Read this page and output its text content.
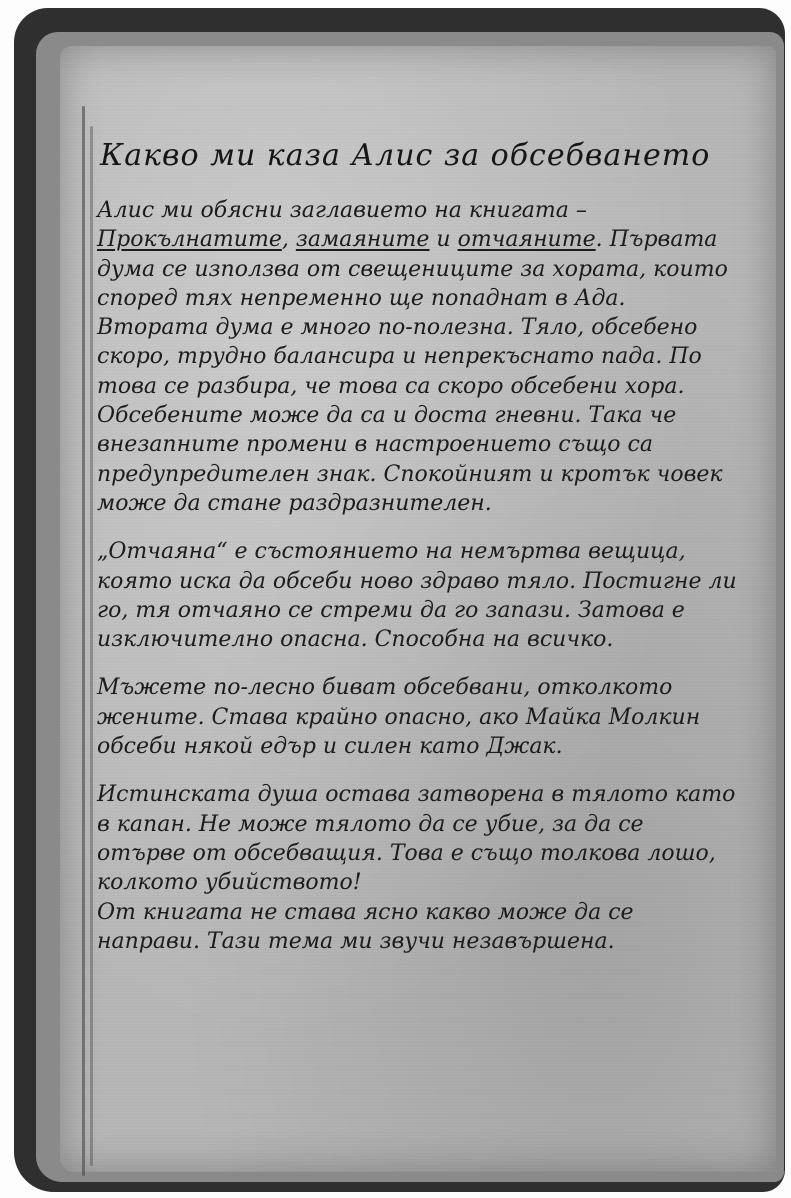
Какво ми каза Алис за обсебването

Алис ми обясни заглавието на книгата – Прокълнатите, замаяните и отчаяните. Първата дума се използва от свещениците за хората, които според тях непременно ще попаднат в Ада. Втората дума е много по-полезна. Тяло, обсебено скоро, трудно балансира и непрекъснато пада. По това се разбира, че това са скоро обсебени хора. Обсебените може да са и доста гневни. Така че внезапните промени в настроението също са предупредителен знак. Спокойният и кротък човек може да стане раздразнителен.

„Отчаяна“ е състоянието на немъртва вещица, която иска да обсеби ново здраво тяло. Постигне ли го, тя отчаяно се стреми да го запази. Затова е изключително опасна. Способна на всичко.

Мъжете по-лесно биват обсебвани, отколкото жените. Става крайно опасно, ако Майка Молкин обсеби някой едър и силен като Джак.

Истинската душа остава затворена в тялото като в капан. Не може тялото да се убие, за да се отърве от обсебващия. Това е също толкова лошо, колкото убийството!

От книгата не става ясно какво може да се направи. Тази тема ми звучи незавършена.
